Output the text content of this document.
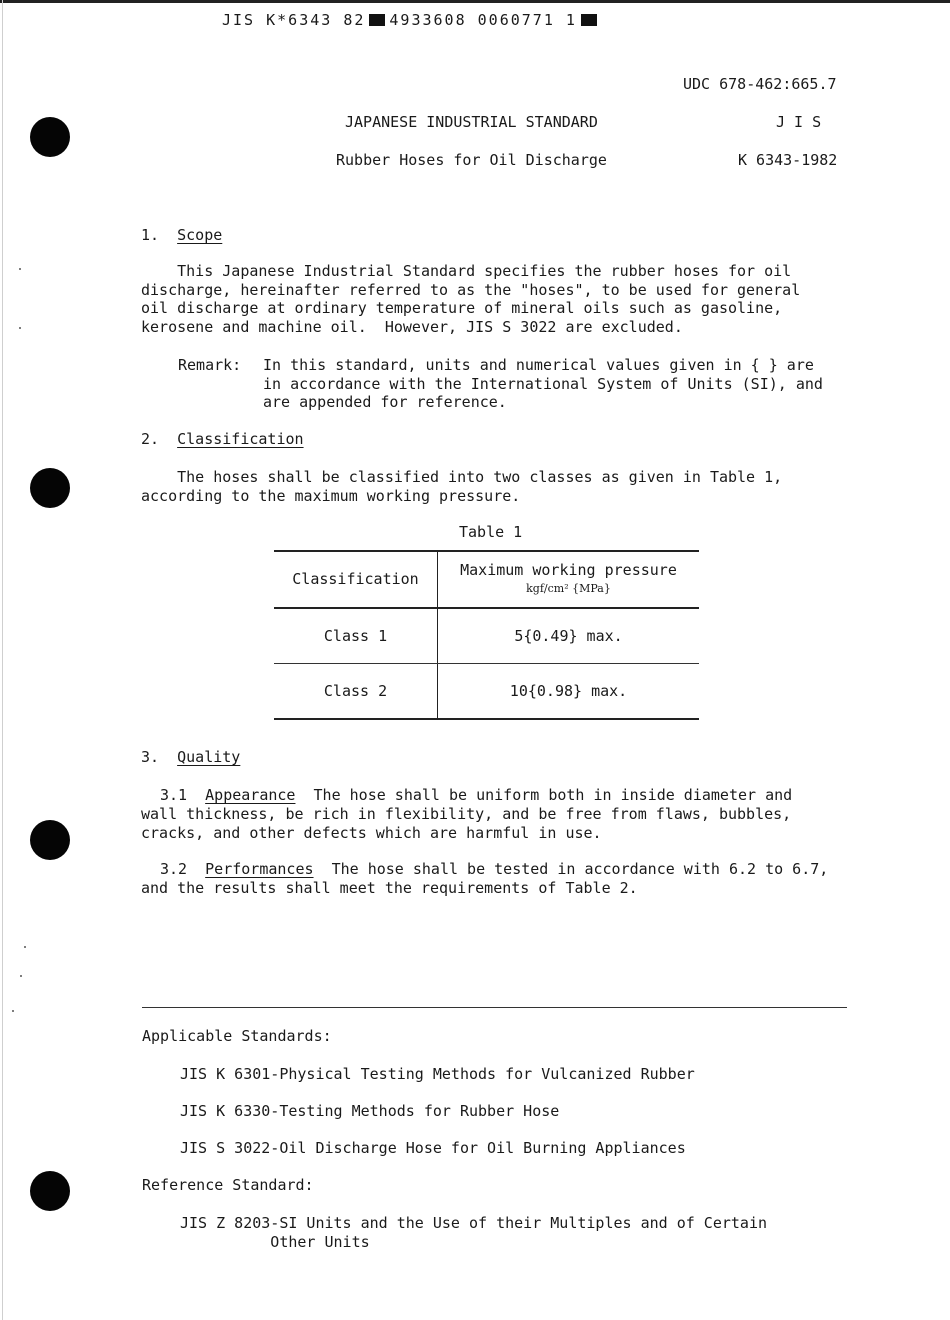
JIS K*6343 82 4933608 0060771 1
UDC 678-462:665.7
JAPANESE INDUSTRIAL STANDARD	J I S
Rubber Hoses for Oil Discharge	K 6343-1982
1. Scope
This Japanese Industrial Standard specifies the rubber hoses for oil
discharge, hereinafter referred to as the "hoses", to be used for general
oil discharge at ordinary temperature of mineral oils such as gasoline,
kerosene and machine oil.  However, JIS S 3022 are excluded.
Remark: In this standard, units and numerical values given in { } are
in accordance with the International System of Units (SI), and
are appended for reference.
2. Classification
The hoses shall be classified into two classes as given in Table 1,
according to the maximum working pressure.
Table 1
Classification	Maximum working pressure
kgf/cm² {MPa}

Class 1	5{0.49} max.
Class 2	10{0.98} max.
3. Quality
3.1 Appearance The hose shall be uniform both in inside diameter and
wall thickness, be rich in flexibility, and be free from flaws, bubbles,
cracks, and other defects which are harmful in use.
3.2 Performances The hose shall be tested in accordance with 6.2 to 6.7,
and the results shall meet the requirements of Table 2.
Applicable Standards:
JIS K 6301-Physical Testing Methods for Vulcanized Rubber
JIS K 6330-Testing Methods for Rubber Hose
JIS S 3022-Oil Discharge Hose for Oil Burning Appliances
Reference Standard:
JIS Z 8203-SI Units and the Use of their Multiples and of Certain
Other Units
